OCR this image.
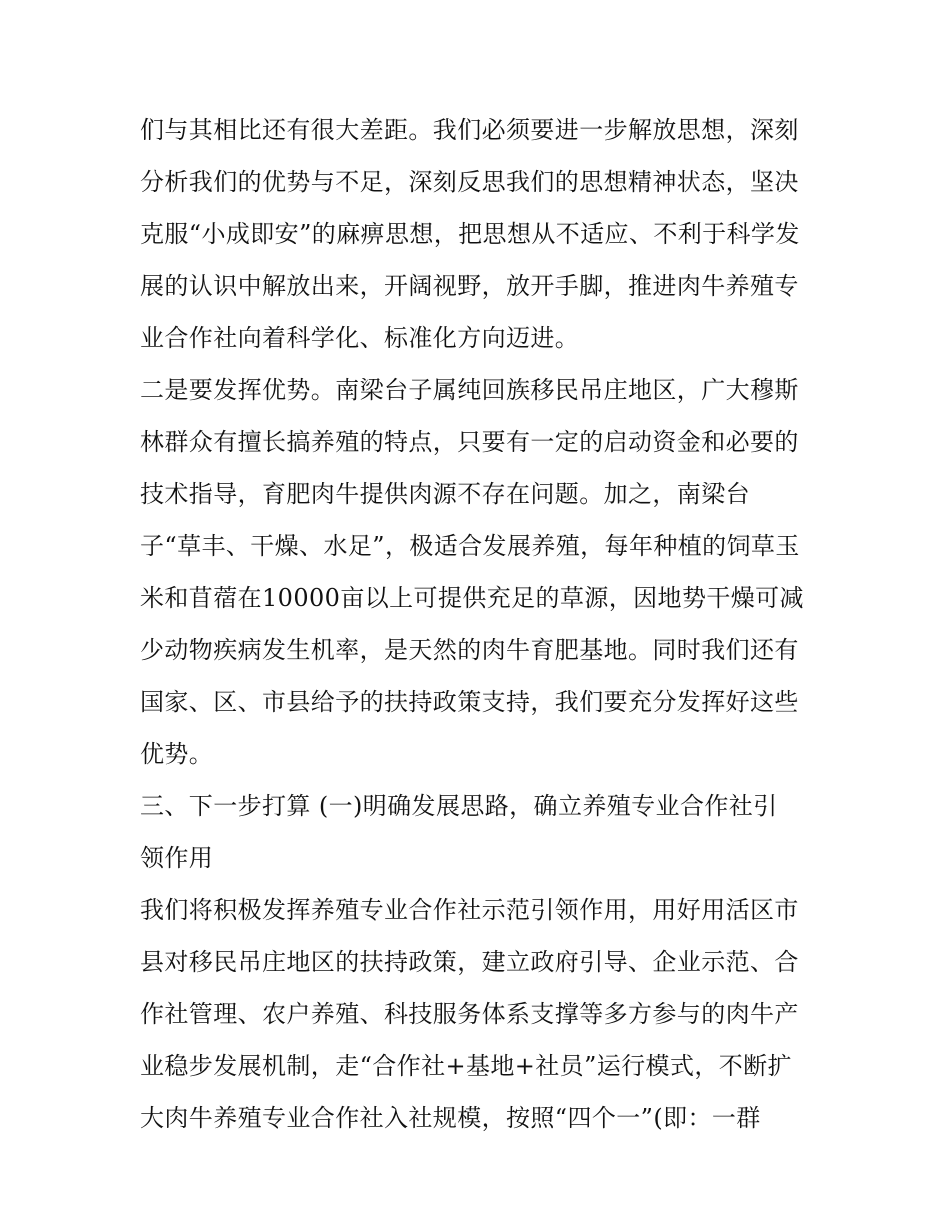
们与其相比还有很大差距。我们必须要进一步解放思想，深刻
分析我们的优势与不足，深刻反思我们的思想精神状态，坚决
克服“小成即安”的麻痹思想，把思想从不适应、不利于科学发
展的认识中解放出来，开阔视野，放开手脚，推进肉牛养殖专
业合作社向着科学化、标准化方向迈进。
二是要发挥优势。南梁台子属纯回族移民吊庄地区，广大穆斯
林群众有擅长搞养殖的特点，只要有一定的启动资金和必要的
技术指导，育肥肉牛提供肉源不存在问题。加之，南梁台
子“草丰、干燥、水足”，极适合发展养殖，每年种植的饲草玉
米和苜蓿在10000亩以上可提供充足的草源，因地势干燥可减
少动物疾病发生机率，是天然的肉牛育肥基地。同时我们还有
国家、区、市县给予的扶持政策支持，我们要充分发挥好这些
优势。
三、下一步打算 (一)明确发展思路，确立养殖专业合作社引
领作用
我们将积极发挥养殖专业合作社示范引领作用，用好用活区市
县对移民吊庄地区的扶持政策，建立政府引导、企业示范、合
作社管理、农户养殖、科技服务体系支撑等多方参与的肉牛产
业稳步发展机制，走“合作社+基地+社员”运行模式，不断扩
大肉牛养殖专业合作社入社规模，按照“四个一”(即：一群
